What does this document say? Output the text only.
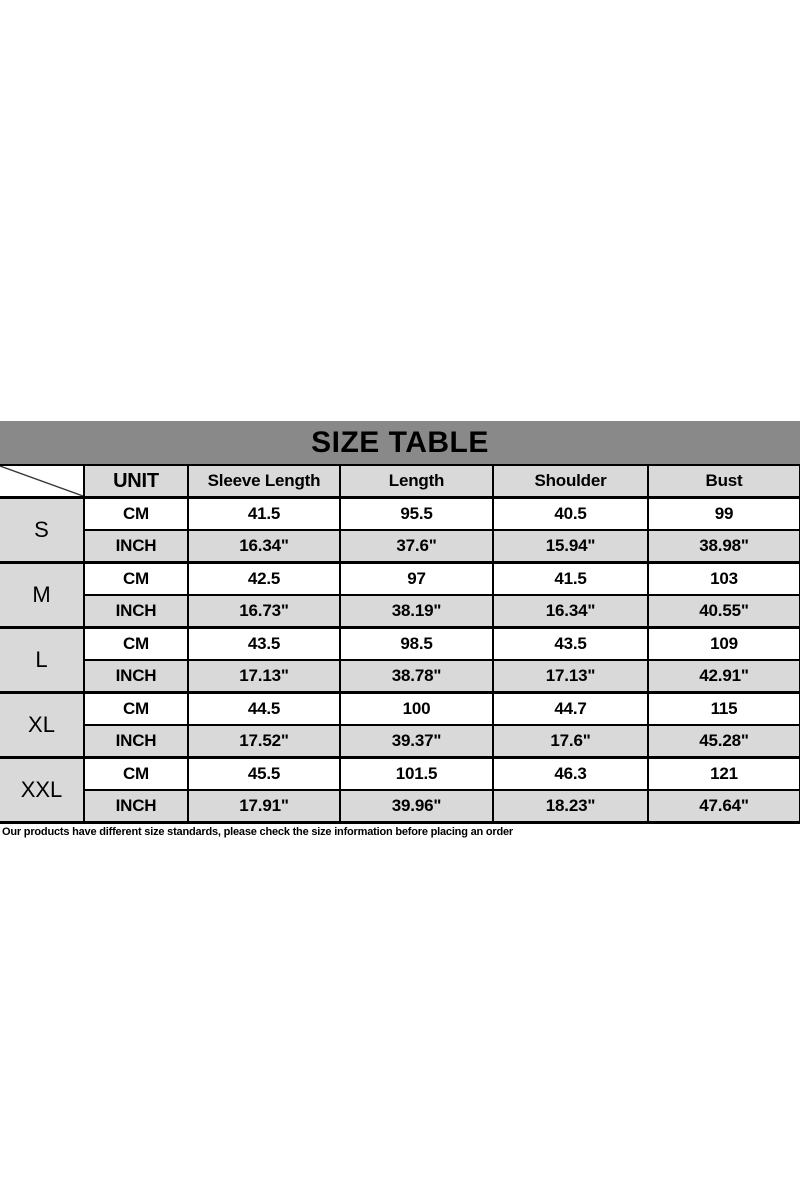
SIZE TABLE
	UNIT	Sleeve Length	Length	Shoulder	Bust
S	CM	41.5	95.5	40.5	99
	INCH	16.34"	37.6"	15.94"	38.98"
M	CM	42.5	97	41.5	103
	INCH	16.73"	38.19"	16.34"	40.55"
L	CM	43.5	98.5	43.5	109
	INCH	17.13"	38.78"	17.13"	42.91"
XL	CM	44.5	100	44.7	115
	INCH	17.52"	39.37"	17.6"	45.28"
XXL	CM	45.5	101.5	46.3	121
	INCH	17.91"	39.96"	18.23"	47.64"
Our products have different size standards, please check the size information before placing an order
